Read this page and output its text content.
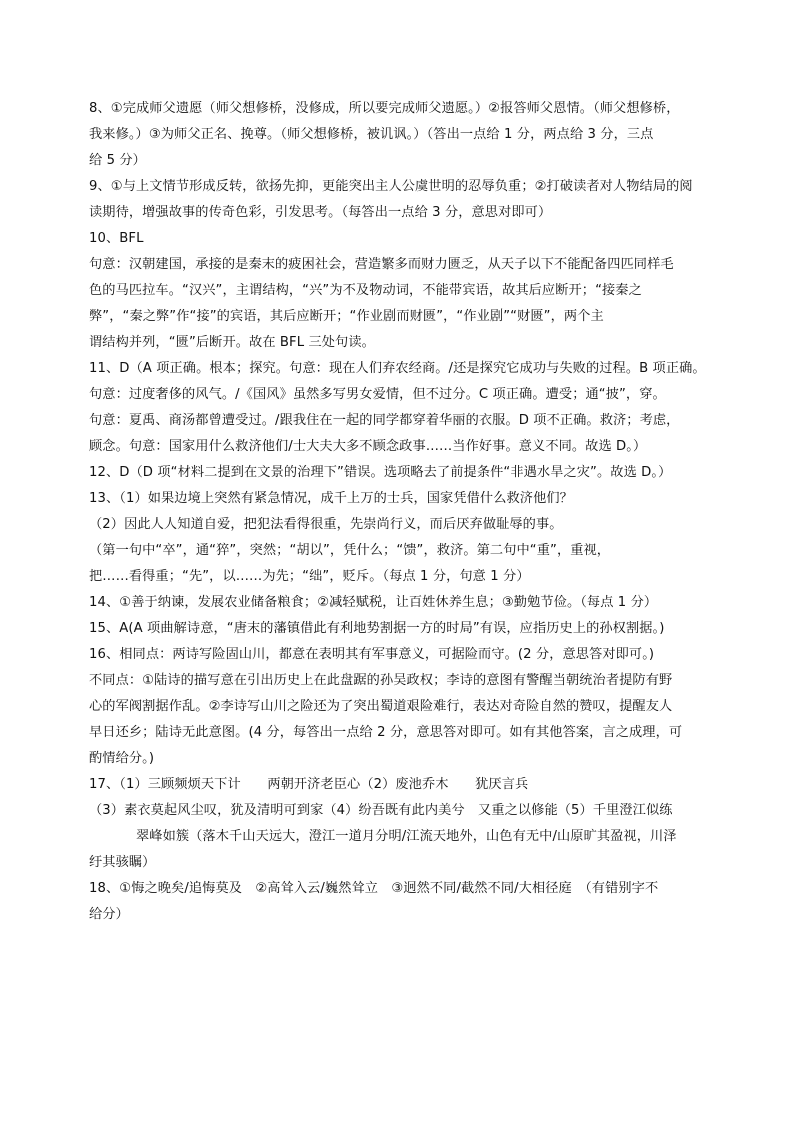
8、①完成师父遗愿（师父想修桥，没修成，所以要完成师父遗愿。）②报答师父恩情。（师父想修桥，
我来修。）③为师父正名、挽尊。（师父想修桥，被讥讽。）（答出一点给 1 分，两点给 3 分，三点
给 5 分）
9、①与上文情节形成反转，欲扬先抑，更能突出主人公虞世明的忍辱负重；②打破读者对人物结局的阅
读期待，增强故事的传奇色彩，引发思考。（每答出一点给 3 分，意思对即可）
10、BFL
句意：汉朝建国，承接的是秦末的疲困社会，营造繁多而财力匮乏，从天子以下不能配备四匹同样毛
色的马匹拉车。“汉兴”，主谓结构，“兴”为不及物动词，不能带宾语，故其后应断开；“接秦之
弊”，“秦之弊”作“接”的宾语，其后应断开；“作业剧而财匮”，“作业剧”“财匮”，两个主
谓结构并列，“匮”后断开。故在 BFL 三处句读。
11、D（A 项正确。根本；探究。句意：现在人们弃农经商。/还是探究它成功与失败的过程。B 项正确。
句意：过度奢侈的风气。/《国风》虽然多写男女爱情，但不过分。C 项正确。遭受；通“披”，穿。
句意：夏禹、商汤都曾遭受过。/跟我住在一起的同学都穿着华丽的衣服。D 项不正确。救济；考虑，
顾念。句意：国家用什么救济他们/士大夫大多不顾念政事……当作好事。意义不同。故选 D。）
12、D（D 项“材料二提到在文景的治理下”错误。选项略去了前提条件“非遇水旱之灾”。故选 D。）
13、（1）如果边境上突然有紧急情况，成千上万的士兵，国家凭借什么救济他们？
（2）因此人人知道自爱，把犯法看得很重，先崇尚行义，而后厌弃做耻辱的事。
（第一句中“卒”，通“猝”，突然；“胡以”，凭什么；“馈”，救济。第二句中“重”，重视，
把……看得重；“先”，以……为先；“绌”，贬斥。（每点 1 分，句意 1 分）
14、①善于纳谏，发展农业储备粮食；②减轻赋税，让百姓休养生息；③勤勉节俭。（每点 1 分）
15、A(A 项曲解诗意，“唐末的藩镇借此有利地势割据一方的时局”有误，应指历史上的孙权割据。)
16、相同点：两诗写险固山川，都意在表明其有军事意义，可据险而守。(2 分，意思答对即可。)
不同点：①陆诗的描写意在引出历史上在此盘踞的孙吴政权；李诗的意图有警醒当朝统治者提防有野
心的军阀割据作乱。②李诗写山川之险还为了突出蜀道艰险难行，表达对奇险自然的赞叹，提醒友人
早日还乡；陆诗无此意图。(4 分，每答出一点给 2 分，意思答对即可。如有其他答案，言之成理，可
酌情给分。)
17、（1）三顾频烦天下计　　两朝开济老臣心（2）废池乔木　　犹厌言兵
（3）素衣莫起风尘叹，犹及清明可到家（4）纷吾既有此内美兮　又重之以修能（5）千里澄江似练
翠峰如簇（落木千山天远大，澄江一道月分明/江流天地外，山色有无中/山原旷其盈视，川泽
纡其骇瞩）
18、①悔之晚矣/追悔莫及　②高耸入云/巍然耸立　③迥然不同/截然不同/大相径庭　（有错别字不
给分）
